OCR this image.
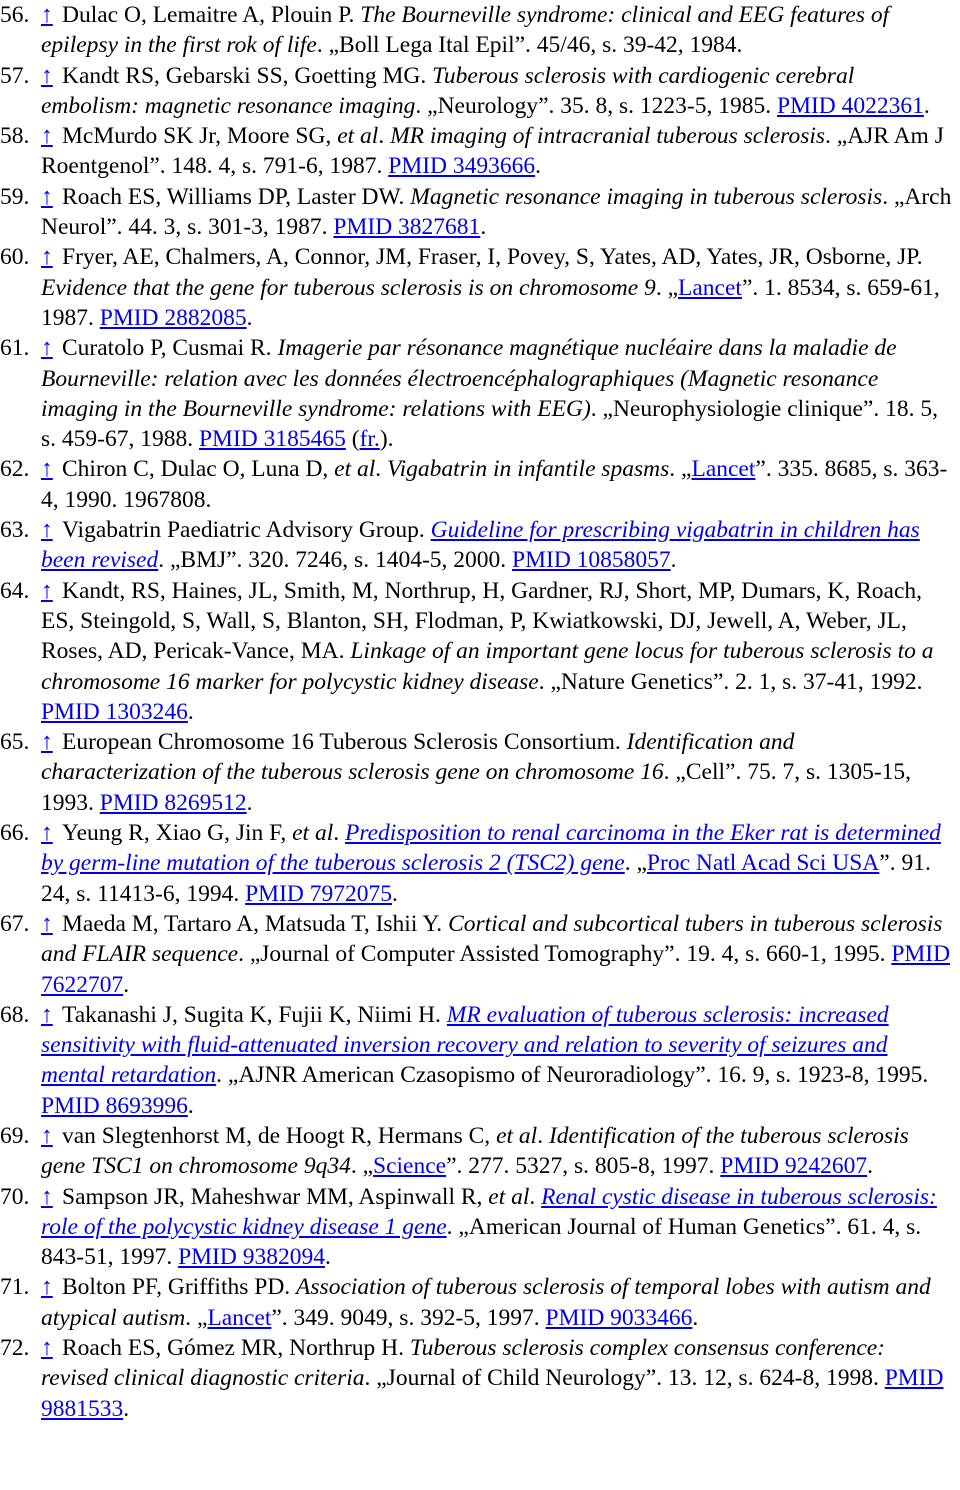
56. ↑ Dulac O, Lemaitre A, Plouin P. The Bourneville syndrome: clinical and EEG features of epilepsy in the first rok of life. „Boll Lega Ital Epil”. 45/46, s. 39-42, 1984.

57. ↑ Kandt RS, Gebarski SS, Goetting MG. Tuberous sclerosis with cardiogenic cerebral embolism: magnetic resonance imaging. „Neurology”. 35. 8, s. 1223-5, 1985. PMID 4022361.

58. ↑ McMurdo SK Jr, Moore SG, et al. MR imaging of intracranial tuberous sclerosis. „AJR Am J Roentgenol”. 148. 4, s. 791-6, 1987. PMID 3493666.

59. ↑ Roach ES, Williams DP, Laster DW. Magnetic resonance imaging in tuberous sclerosis. „Arch Neurol”. 44. 3, s. 301-3, 1987. PMID 3827681.

60. ↑ Fryer, AE, Chalmers, A, Connor, JM, Fraser, I, Povey, S, Yates, AD, Yates, JR, Osborne, JP. Evidence that the gene for tuberous sclerosis is on chromosome 9. „Lancet”. 1. 8534, s. 659-61, 1987. PMID 2882085.

61. ↑ Curatolo P, Cusmai R. Imagerie par résonance magnétique nucléaire dans la maladie de Bourneville: relation avec les données électroencéphalographiques (Magnetic resonance imaging in the Bourneville syndrome: relations with EEG). „Neurophysiologie clinique”. 18. 5, s. 459-67, 1988. PMID 3185465 (fr.).

62. ↑ Chiron C, Dulac O, Luna D, et al. Vigabatrin in infantile spasms. „Lancet”. 335. 8685, s. 363-4, 1990. 1967808.

63. ↑ Vigabatrin Paediatric Advisory Group. Guideline for prescribing vigabatrin in children has been revised. „BMJ”. 320. 7246, s. 1404-5, 2000. PMID 10858057.

64. ↑ Kandt, RS, Haines, JL, Smith, M, Northrup, H, Gardner, RJ, Short, MP, Dumars, K, Roach, ES, Steingold, S, Wall, S, Blanton, SH, Flodman, P, Kwiatkowski, DJ, Jewell, A, Weber, JL, Roses, AD, Pericak-Vance, MA. Linkage of an important gene locus for tuberous sclerosis to a chromosome 16 marker for polycystic kidney disease. „Nature Genetics”. 2. 1, s. 37-41, 1992. PMID 1303246.

65. ↑ European Chromosome 16 Tuberous Sclerosis Consortium. Identification and characterization of the tuberous sclerosis gene on chromosome 16. „Cell”. 75. 7, s. 1305-15, 1993. PMID 8269512.

66. ↑ Yeung R, Xiao G, Jin F, et al. Predisposition to renal carcinoma in the Eker rat is determined by germ-line mutation of the tuberous sclerosis 2 (TSC2) gene. „Proc Natl Acad Sci USA”. 91. 24, s. 11413-6, 1994. PMID 7972075.

67. ↑ Maeda M, Tartaro A, Matsuda T, Ishii Y. Cortical and subcortical tubers in tuberous sclerosis and FLAIR sequence. „Journal of Computer Assisted Tomography”. 19. 4, s. 660-1, 1995. PMID 7622707.

68. ↑ Takanashi J, Sugita K, Fujii K, Niimi H. MR evaluation of tuberous sclerosis: increased sensitivity with fluid-attenuated inversion recovery and relation to severity of seizures and mental retardation. „AJNR American Czasopismo of Neuroradiology”. 16. 9, s. 1923-8, 1995. PMID 8693996.

69. ↑ van Slegtenhorst M, de Hoogt R, Hermans C, et al. Identification of the tuberous sclerosis gene TSC1 on chromosome 9q34. „Science”. 277. 5327, s. 805-8, 1997. PMID 9242607.

70. ↑ Sampson JR, Maheshwar MM, Aspinwall R, et al. Renal cystic disease in tuberous sclerosis: role of the polycystic kidney disease 1 gene. „American Journal of Human Genetics”. 61. 4, s. 843-51, 1997. PMID 9382094.

71. ↑ Bolton PF, Griffiths PD. Association of tuberous sclerosis of temporal lobes with autism and atypical autism. „Lancet”. 349. 9049, s. 392-5, 1997. PMID 9033466.

72. ↑ Roach ES, Gómez MR, Northrup H. Tuberous sclerosis complex consensus conference: revised clinical diagnostic criteria. „Journal of Child Neurology”. 13. 12, s. 624-8, 1998. PMID 9881533.
